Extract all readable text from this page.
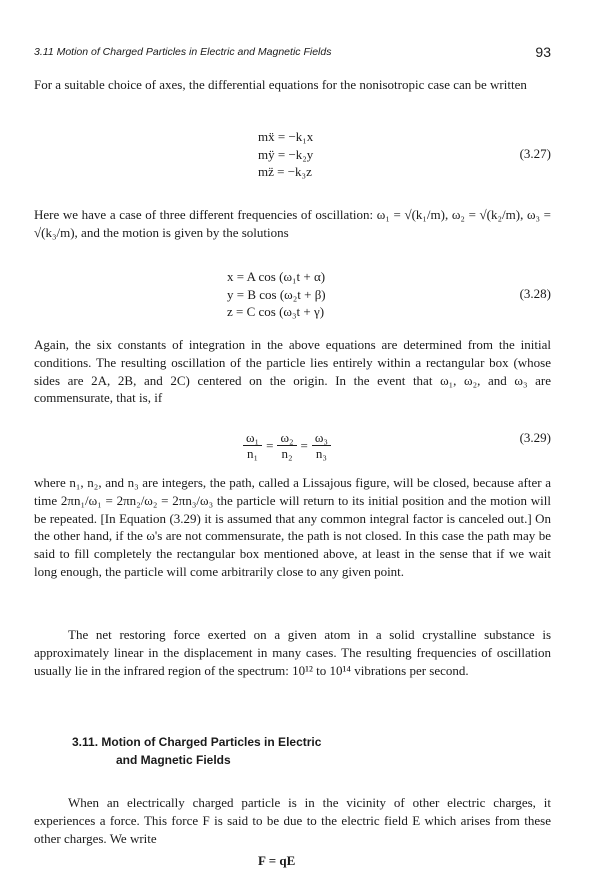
3.11 Motion of Charged Particles in Electric and Magnetic Fields	93
For a suitable choice of axes, the differential equations for the nonisotropic case can be written
mẍ = −k₁x
mÿ = −k₂y
mz̈ = −k₃z
(3.27)
Here we have a case of three different frequencies of oscillation: ω₁ = √(k₁/m), ω₂ = √(k₂/m), ω₃ = √(k₃/m), and the motion is given by the solutions
x = A cos (ω₁t + α)
y = B cos (ω₂t + β)
z = C cos (ω₃t + γ)
(3.28)
Again, the six constants of integration in the above equations are determined from the initial conditions. The resulting oscillation of the particle lies entirely within a rectangular box (whose sides are 2A, 2B, and 2C) centered on the origin. In the event that ω₁, ω₂, and ω₃ are commensurate, that is, if
$\frac{\text{ω₁}}{\text{n₁}} = \frac{\text{ω₂}}{\text{n₂}} = \frac{\text{ω₃}}{\text{n₃}}$	(3.29)
where n₁, n₂, and n₃ are integers, the path, called a Lissajous figure, will be closed, because after a time 2πn₁/ω₁ = 2πn₂/ω₂ = 2πn₃/ω₃ the particle will return to its initial position and the motion will be repeated. [In Equation (3.29) it is assumed that any common integral factor is canceled out.] On the other hand, if the ω's are not commensurate, the path is not closed. In this case the path may be said to fill completely the rectangular box mentioned above, at least in the sense that if we wait long enough, the particle will come arbitrarily close to any given point.
The net restoring force exerted on a given atom in a solid crystalline substance is approximately linear in the displacement in many cases. The resulting frequencies of oscillation usually lie in the infrared region of the spectrum: 10¹² to 10¹⁴ vibrations per second.
3.11. Motion of Charged Particles in Electric
and Magnetic Fields
When an electrically charged particle is in the vicinity of other electric charges, it experiences a force. This force F is said to be due to the electric field E which arises from these other charges. We write
F = qE
